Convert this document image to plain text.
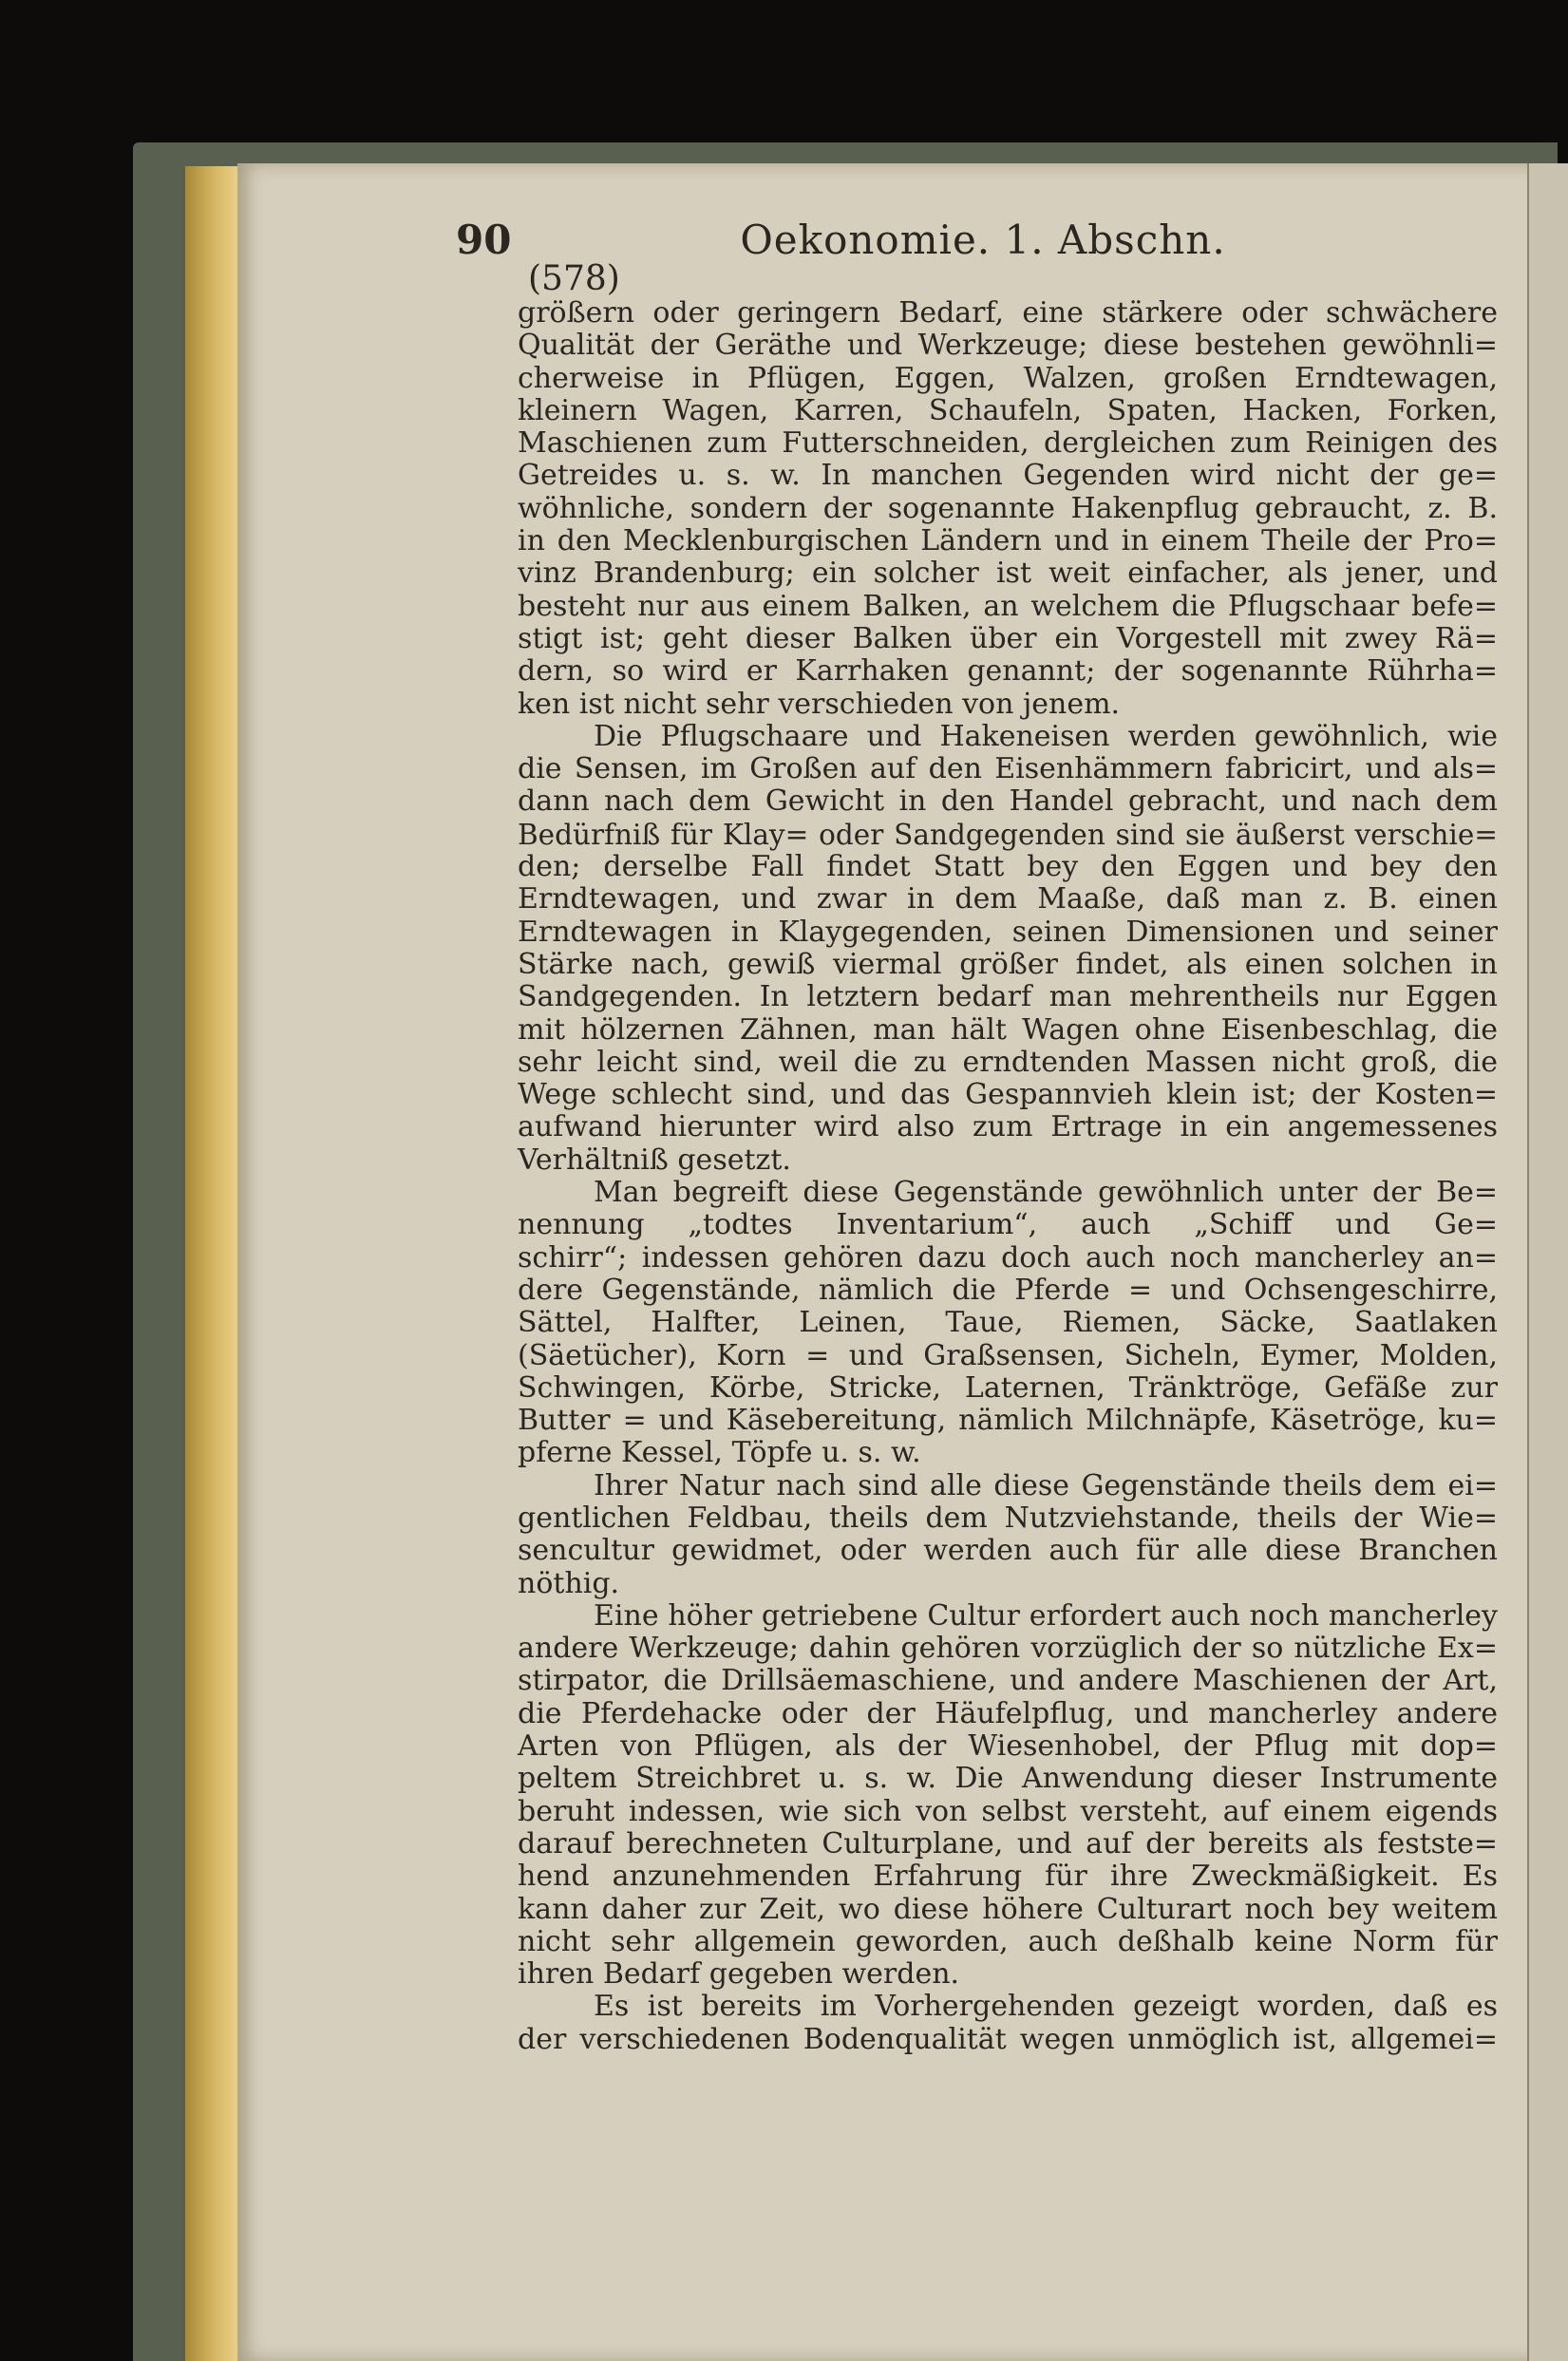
90	Oekonomie. 1. Abschn.
(578)
größern oder geringern Bedarf, eine stärkere oder schwächere
Qualität der Geräthe und Werkzeuge; diese bestehen gewöhnli=
cherweise in Pflügen, Eggen, Walzen, großen Erndtewagen,
kleinern Wagen, Karren, Schaufeln, Spaten, Hacken, Forken,
Maschienen zum Futterschneiden, dergleichen zum Reinigen des
Getreides u. s. w. In manchen Gegenden wird nicht der ge=
wöhnliche, sondern der sogenannte Hakenpflug gebraucht, z. B.
in den Mecklenburgischen Ländern und in einem Theile der Pro=
vinz Brandenburg; ein solcher ist weit einfacher, als jener, und
besteht nur aus einem Balken, an welchem die Pflugschaar befe=
stigt ist; geht dieser Balken über ein Vorgestell mit zwey Rä=
dern, so wird er Karrhaken genannt; der sogenannte Rührha=
ken ist nicht sehr verschieden von jenem.
Die Pflugschaare und Hakeneisen werden gewöhnlich, wie
die Sensen, im Großen auf den Eisenhämmern fabricirt, und als=
dann nach dem Gewicht in den Handel gebracht, und nach dem
Bedürfniß für Klay= oder Sandgegenden sind sie äußerst verschie=
den; derselbe Fall findet Statt bey den Eggen und bey den
Erndtewagen, und zwar in dem Maaße, daß man z. B. einen
Erndtewagen in Klaygegenden, seinen Dimensionen und seiner
Stärke nach, gewiß viermal größer findet, als einen solchen in
Sandgegenden. In letztern bedarf man mehrentheils nur Eggen
mit hölzernen Zähnen, man hält Wagen ohne Eisenbeschlag, die
sehr leicht sind, weil die zu erndtenden Massen nicht groß, die
Wege schlecht sind, und das Gespannvieh klein ist; der Kosten=
aufwand hierunter wird also zum Ertrage in ein angemessenes
Verhältniß gesetzt.
Man begreift diese Gegenstände gewöhnlich unter der Be=
nennung „todtes Inventarium“, auch „Schiff und Ge=
schirr“; indessen gehören dazu doch auch noch mancherley an=
dere Gegenstände, nämlich die Pferde = und Ochsengeschirre,
Sättel, Halfter, Leinen, Taue, Riemen, Säcke, Saatlaken
(Säetücher), Korn = und Graßsensen, Sicheln, Eymer, Molden,
Schwingen, Körbe, Stricke, Laternen, Tränktröge, Gefäße zur
Butter = und Käsebereitung, nämlich Milchnäpfe, Käsetröge, ku=
pferne Kessel, Töpfe u. s. w.
Ihrer Natur nach sind alle diese Gegenstände theils dem ei=
gentlichen Feldbau, theils dem Nutzviehstande, theils der Wie=
sencultur gewidmet, oder werden auch für alle diese Branchen
nöthig.
Eine höher getriebene Cultur erfordert auch noch mancherley
andere Werkzeuge; dahin gehören vorzüglich der so nützliche Ex=
stirpator, die Drillsäemaschiene, und andere Maschienen der Art,
die Pferdehacke oder der Häufelpflug, und mancherley andere
Arten von Pflügen, als der Wiesenhobel, der Pflug mit dop=
peltem Streichbret u. s. w. Die Anwendung dieser Instrumente
beruht indessen, wie sich von selbst versteht, auf einem eigends
darauf berechneten Culturplane, und auf der bereits als festste=
hend anzunehmenden Erfahrung für ihre Zweckmäßigkeit. Es
kann daher zur Zeit, wo diese höhere Culturart noch bey weitem
nicht sehr allgemein geworden, auch deßhalb keine Norm für
ihren Bedarf gegeben werden.
Es ist bereits im Vorhergehenden gezeigt worden, daß es
der verschiedenen Bodenqualität wegen unmöglich ist, allgemei=
